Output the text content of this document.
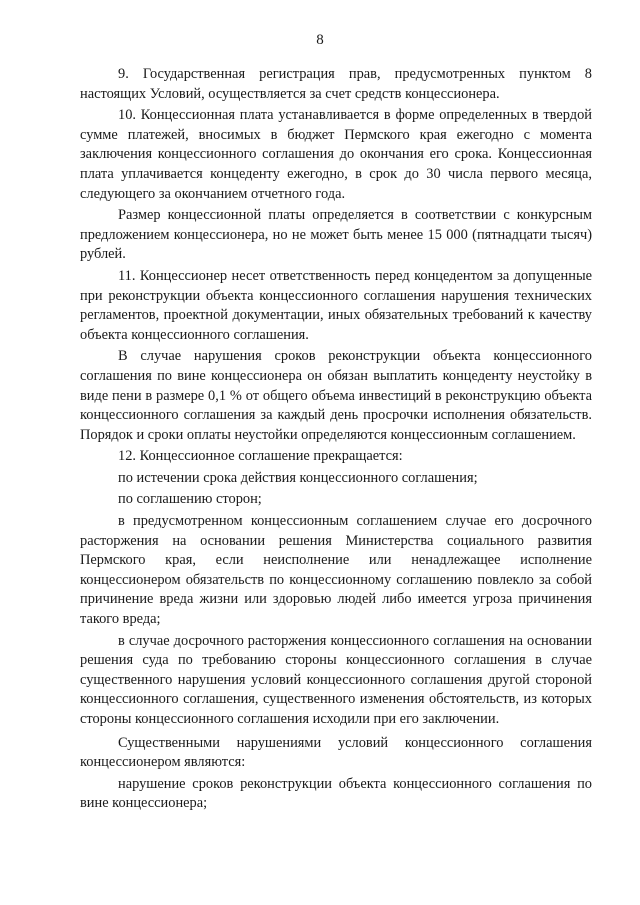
8

9. Государственная регистрация прав, предусмотренных пунктом 8 настоящих Условий, осуществляется за счет средств концессионера.

10. Концессионная плата устанавливается в форме определенных в твердой сумме платежей, вносимых в бюджет Пермского края ежегодно с момента заключения концессионного соглашения до окончания его срока. Концессионная плата уплачивается концеденту ежегодно, в срок до 30 числа первого месяца, следующего за окончанием отчетного года.

Размер концессионной платы определяется в соответствии с конкурсным предложением концессионера, но не может быть менее 15 000 (пятнадцати тысяч) рублей.

11. Концессионер несет ответственность перед концедентом за допущенные при реконструкции объекта концессионного соглашения нарушения технических регламентов, проектной документации, иных обязательных требований к качеству объекта концессионного соглашения.

В случае нарушения сроков реконструкции объекта концессионного соглашения по вине концессионера он обязан выплатить концеденту неустойку в виде пени в размере 0,1 % от общего объема инвестиций в реконструкцию объекта концессионного соглашения за каждый день просрочки исполнения обязательств. Порядок и сроки оплаты неустойки определяются концессионным соглашением.

12. Концессионное соглашение прекращается:

по истечении срока действия концессионного соглашения;

по соглашению сторон;

в предусмотренном концессионным соглашением случае его досрочного расторжения на основании решения Министерства социального развития Пермского края, если неисполнение или ненадлежащее исполнение концессионером обязательств по концессионному соглашению повлекло за собой причинение вреда жизни или здоровью людей либо имеется угроза причинения такого вреда;

в случае досрочного расторжения концессионного соглашения на основании решения суда по требованию стороны концессионного соглашения в случае существенного нарушения условий концессионного соглашения другой стороной концессионного соглашения, существенного изменения обстоятельств, из которых стороны концессионного соглашения исходили при его заключении.

Существенными нарушениями условий концессионного соглашения концессионером являются:

нарушение сроков реконструкции объекта концессионного соглашения по вине концессионера;
